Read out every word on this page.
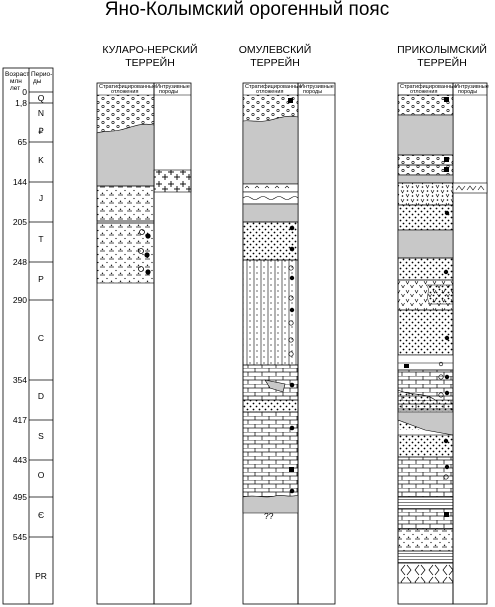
Яно-Колымский орогенный пояс
Возраст
млн
лет
Перио-
ды
0
1,8
65
144
205
248
290
354
417
443
495
545
Q
N
₽
K
J
T
P
C
D
S
O
Є
PR
КУЛАРО-НЕРСКИЙ
ТЕРРЕЙН
ОМУЛЕВСКИЙ
ТЕРРЕЙН
ПРИКОЛЫМСКИЙ
ТЕРРЕЙН
Стратифицированные
отложения
Интрузивные
породы
Стратифицированные
отложения
Интрузивные
породы
??
Стратифицированные
отложения
Интрузивные
породы
